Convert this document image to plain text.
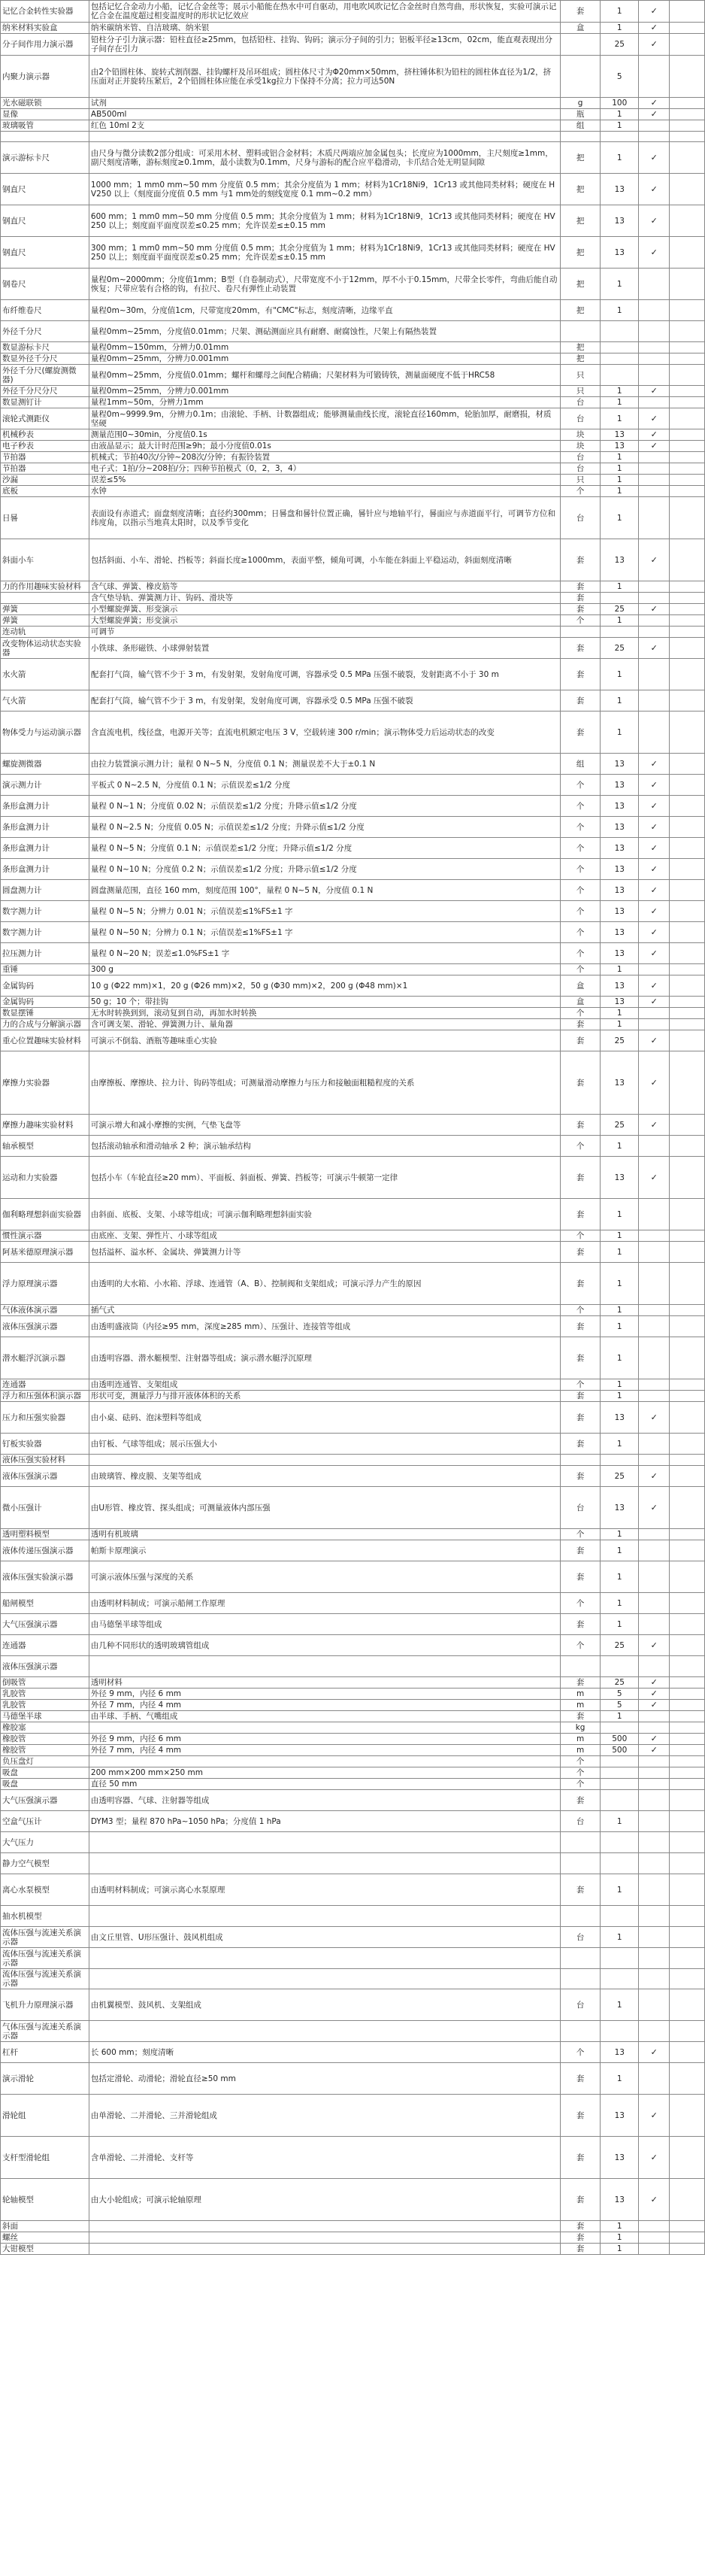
记忆合金转性实验器	包括记忆合金动力小船，记忆合金丝等；展示小船能在热水中可自驱动，用电吹风吹记忆合金丝时自然弯曲，形状恢复，实验可演示记忆合金在温度超过相变温度时的形状记忆效应	套	1	✓	
纳米材料实验盒	纳米碳纳米管、自洁玻璃、纳米银	盒	1	✓	
分子间作用力演示器	铅柱分子引力演示器：铅柱直径≥25mm，包括铅柱、挂钩、钩码；演示分子间的引力；铝板半径≥13cm，02cm，能直观表现出分子间存在引力		25	✓	
内聚力演示器	由2个铅圆柱体、旋转式割削器、挂钩螺杆及吊环组成；圆柱体尺寸为Φ20mm×50mm，挤柱锤体积为铅柱的圆柱体直径为1/2，挤压面对正并旋转压紧后，2个铅圆柱体应能在承受1kg拉力下保持不分离；拉力可达50N		5		
光水磁联锁	试剂	g	100	✓	
显像	AB500ml	瓶	1	✓	
玻璃吸管	红色 10ml 2支	组	1		

演示游标卡尺	由尺身与微分读数2部分组成：可采用木材、塑料或铝合金材料；木质尺两端应加金属包头；长度应为1000mm，主尺刻度≥1mm，副尺刻度清晰，游标刻度≥0.1mm，最小读数为0.1mm，尺身与游标的配合应平稳滑动，卡爪结合处无明显间隙	把	1	✓	
钢直尺	1000 mm；1 mm0 mm~50 mm 分度值 0.5 mm；其余分度值为 1 mm；材料为1Cr18Ni9，1Cr13 或其他同类材料；硬度在 HV250 以上（刻度面分度值 0.5 mm 与1 mm处的刻线宽度 0.1 mm~0.2 mm）	把	13	✓	
钢直尺	600 mm；1 mm0 mm~50 mm 分度值 0.5 mm；其余分度值为 1 mm；材料为1Cr18Ni9，1Cr13 或其他同类材料；硬度在 HV250 以上；刻度面平面度误差≤0.25 mm；允许误差≤±0.15 mm	把	13	✓	
钢直尺	300 mm；1 mm0 mm~50 mm 分度值 0.5 mm；其余分度值为 1 mm；材料为1Cr18Ni9，1Cr13 或其他同类材料；硬度在 HV250 以上；刻度面平面度误差≤0.25 mm；允许误差≤±0.15 mm	把	13	✓	
钢卷尺	量程0m~2000mm；分度值1mm；B型（自卷制动式），尺带宽度不小于12mm，厚不小于0.15mm，尺带全长零件，弯曲后能自动恢复；尺带应装有合格的钩，有拉尺、卷尺有弹性止动装置	把	1		
布纤维卷尺	量程0m~30m，分度值1cm，尺带宽度20mm，有"CMC"标志，刻度清晰，边缘平直	把	1		
外径千分尺	量程0mm~25mm，分度值0.01mm；尺架、测砧测面应具有耐磨、耐腐蚀性，尺架上有隔热装置				

数显游标卡尺	量程0mm~150mm，分辨力0.01mm	把			
数显外径千分尺	量程0mm~25mm，分辨力0.001mm	把			
外径千分尺(螺旋测微器)	量程0mm~25mm，分度值0.01mm；螺杆和螺母之间配合精确；尺架材料为可锻铸铁，测量面硬度不低于HRC58	只			
外径千分尺分尺	量程0mm~25mm，分辨力0.001mm	只	1	✓	
数显测钉计	量程1mm~50m，分辨力1mm	台	1		
滚轮式测距仪	量程0m~9999.9m，分辨力0.1m；由滚轮、手柄、计数器组成；能够测量曲线长度，滚轮直径160mm，轮胎加厚，耐磨损，材质坚硬	台	1	✓	
机械秒表	测量范围0~30min，分度值0.1s	块	13	✓	
电子秒表	由液晶显示；最大计时范围≥9h；最小分度值0.01s	块	13	✓	
节拍器	机械式；节拍40次/分钟~208次/分钟；有振铃装置	台	1		
节拍器	电子式；1拍/分~208拍/分；四种节拍模式（0，2，3，4）	台	1		
沙漏	误差≤5%	只	1		
底板	水钟	个	1		
日晷	表面设有赤道式；面盘刻度清晰；直径约300mm；日晷盘和晷针位置正确，晷针应与地轴平行，晷面应与赤道面平行，可调节方位和纬度角，以指示当地真太阳时，以及季节变化	台	1		
斜面小车	包括斜面、小车、滑轮、挡板等；斜面长度≥1000mm，表面平整，倾角可调，小车能在斜面上平稳运动，斜面刻度清晰	套	13	✓	
力的作用趣味实验材料	含气球、弹簧、橡皮筋等	套	1		

	含气垫导轨、弹簧测力计、钩码、滑块等	套			
弹簧	小型螺旋弹簧、形变演示	套	25	✓	
弹簧	大型螺旋弹簧；形变演示	个	1		
连动轨	可调节				

改变物体运动状态实验器	小铁球、条形磁铁、小球弹射装置	套	25	✓	
水火箭	配套打气筒，输气管不少于 3 m，有发射架，发射角度可调，容器承受 0.5 MPa 压强不破裂，发射距离不小于 30 m	套	1		
气火箭	配套打气筒，输气管不少于 3 m，有发射架，发射角度可调，容器承受 0.5 MPa 压强不破裂	套	1		
物体受力与运动演示器	含直流电机，线径盘，电源开关等；直流电机额定电压 3 V，空载转速 300 r/min；演示物体受力后运动状态的改变	套	1		
螺旋测微器	由拉力装置演示测力计；量程 0 N~5 N，分度值 0.1 N；测量误差不大于±0.1 N	组	13	✓	
演示测力计	平板式 0 N~2.5 N，分度值 0.1 N；示值误差≤1/2 分度	个	13	✓	
条形盒测力计	量程 0 N~1 N；分度值 0.02 N；示值误差≤1/2 分度；升降示值≤1/2 分度	个	13	✓	
条形盒测力计	量程 0 N~2.5 N；分度值 0.05 N；示值误差≤1/2 分度；升降示值≤1/2 分度	个	13	✓	
条形盒测力计	量程 0 N~5 N；分度值 0.1 N；示值误差≤1/2 分度；升降示值≤1/2 分度	个	13	✓	
条形盒测力计	量程 0 N~10 N；分度值 0.2 N；示值误差≤1/2 分度；升降示值≤1/2 分度	个	13	✓	
圆盘测力计	圆盘测量范围，直径 160 mm，刻度范围 100°，量程 0 N~5 N，分度值 0.1 N	个	13	✓	
数字测力计	量程 0 N~5 N；分辨力 0.01 N；示值误差≤1%FS±1 字	个	13	✓	
数字测力计	量程 0 N~50 N；分辨力 0.1 N；示值误差≤1%FS±1 字	个	13	✓	
拉压测力计	量程 0 N~20 N；误差≤1.0%FS±1 字	个	13	✓	
重锤	300 g	个	1		
金属钩码	10 g (Φ22 mm)×1，20 g (Φ26 mm)×2，50 g (Φ30 mm)×2，200 g (Φ48 mm)×1	盒	13	✓	
金属钩码	50 g；10 个；带挂钩	盒	13	✓	
数显摆锤	无水时转换到到，滚动复到自动，再加水时转换	个	1		
力的合成与分解演示器	含可调支架、滑轮、弹簧测力计、量角器	套	1		
重心位置趣味实验材料	可演示不倒翁、酒瓶等趣味重心实验	套	25	✓	
摩擦力实验器	由摩擦板、摩擦块、拉力计、钩码等组成；可测量滑动摩擦力与压力和接触面粗糙程度的关系	套	13	✓	
摩擦力趣味实验材料	可演示增大和减小摩擦的实例，气垫飞盘等	套	25	✓	
轴承模型	包括滚动轴承和滑动轴承 2 种；演示轴承结构	个	1		
运动和力实验器	包括小车（车轮直径≥20 mm）、平面板、斜面板、弹簧、挡板等；可演示牛顿第一定律	套	13	✓	
伽利略理想斜面实验器	由斜面、底板、支架、小球等组成；可演示伽利略理想斜面实验	套	1		
惯性演示器	由底座、支架、弹性片、小球等组成	个	1		
阿基米德原理演示器	包括溢杯、溢水杯、金属块、弹簧测力计等	套	1		
浮力原理演示器	由透明的大水箱、小水箱、浮球、连通管（A、B）、控制阀和支架组成；可演示浮力产生的原因	套	1		
气体液体演示器	插气式	个	1		
液体压强演示器	由透明盛液筒（内径≥95 mm，深度≥285 mm）、压强计、连接管等组成	套	1		
潜水艇浮沉演示器	由透明容器、潜水艇模型、注射器等组成；演示潜水艇浮沉原理	套	1		
连通器	由透明连通管、支架组成	个	1		
浮力和压强体积演示器	形状可变，测量浮力与排开液体体积的关系	套	1		
压力和压强实验器	由小桌、砝码、泡沫塑料等组成	套	13	✓	
钉板实验器	由钉板、气球等组成；展示压强大小	套	1		
液体压强实验材料	

液体压强演示器	由玻璃管、橡皮膜、支架等组成	套	25	✓	
微小压强计	由U形管、橡皮管、探头组成；可测量液体内部压强	台	13	✓	
透明塑料模型	透明有机玻璃	个	1		
液体传递压强演示器	帕斯卡原理演示	套	1		
液体压强实验演示器	可演示液体压强与深度的关系	套	1		
船闸模型	由透明材料制成；可演示船闸工作原理	个	1		
大气压强演示器	由马德堡半球等组成	套	1		
连通器	由几种不同形状的透明玻璃管组成	个	25	✓	
液体压强演示器	

倒吸管	透明材料	套	25	✓	
乳胶管	外径 9 mm，内径 6 mm	m	5	✓	
乳胶管	外径 7 mm，内径 4 mm	m	5	✓	
马德堡半球	由半球、手柄、气嘴组成	套	1		
橡胶塞		kg			
橡胶管	外径 9 mm，内径 6 mm	m	500	✓	
橡胶管	外径 7 mm，内径 4 mm	m	500	✓	
负压盘灯		个			
吸盘	200 mm×200 mm×250 mm	个			
吸盘	直径 50 mm	个			
大气压强演示器	由透明容器、气球、注射器等组成	套			
空盒气压计	DYM3 型；量程 870 hPa~1050 hPa；分度值 1 hPa	台	1		
大气压力	

静力空气模型	

离心水泵模型	由透明材料制成；可演示离心水泵原理	套	1		
抽水机模型	

流体压强与流速关系演示器	由文丘里管、U形压强计、鼓风机组成	台	1		
流体压强与流速关系演示器	

流体压强与流速关系演示器	

飞机升力原理演示器	由机翼模型、鼓风机、支架组成	台	1		
气体压强与流速关系演示器	

杠杆	长 600 mm；刻度清晰	个	13	✓	
演示滑轮	包括定滑轮、动滑轮；滑轮直径≥50 mm	套	1		
滑轮组	由单滑轮、二并滑轮、三并滑轮组成	套	13	✓	
支杆型滑轮组	含单滑轮、二并滑轮、支杆等	套	13	✓	
轮轴模型	由大小轮组成；可演示轮轴原理	套	13	✓	
斜面		套	1		
螺丝		套	1		
大钳模型		套	1		
